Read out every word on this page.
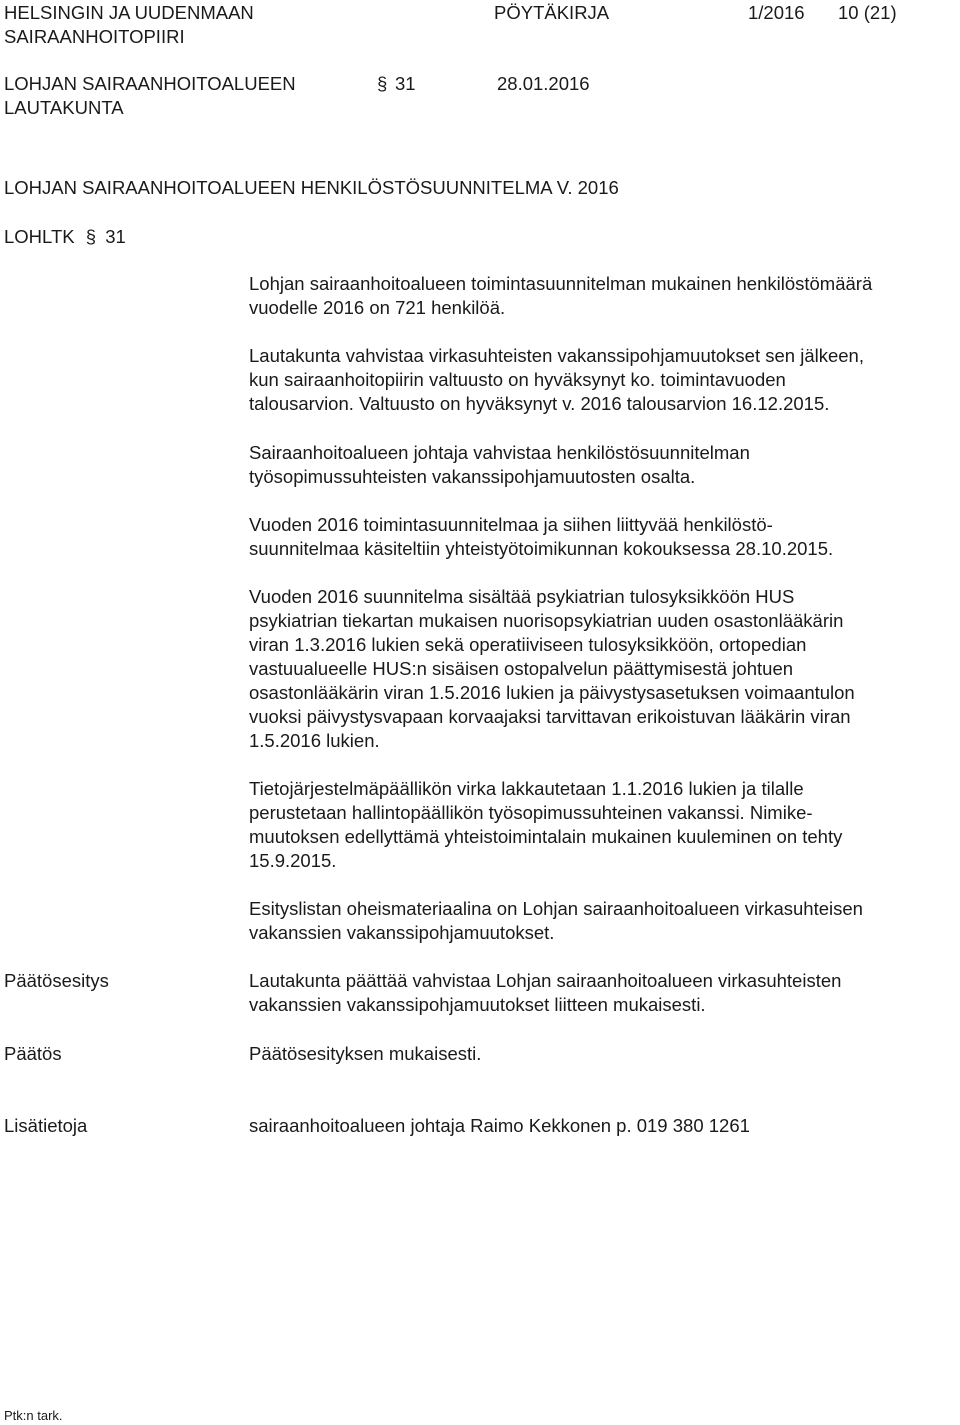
HELSINGIN JA UUDENMAAN
SAIRAANHOITOPIIRI
PÖYTÄKIRJA	1/2016 10 (21)
LOHJAN SAIRAANHOITOALUEEN
LAUTAKUNTA
§ 31	28.01.2016
LOHJAN SAIRAANHOITOALUEEN HENKILÖSTÖSUUNNITELMA V. 2016
LOHLTK § 31

Lohjan sairaanhoitoalueen toimintasuunnitelman mukainen henkilöstömäärä

vuodelle 2016 on 721 henkilöä.

Lautakunta vahvistaa virkasuhteisten vakanssipohjamuutokset sen jälkeen,

kun sairaanhoitopiirin valtuusto on hyväksynyt ko. toimintavuoden

talousarvion. Valtuusto on hyväksynyt v. 2016 talousarvion 16.12.2015.

Sairaanhoitoalueen johtaja vahvistaa henkilöstösuunnitelman

työsopimussuhteisten vakanssipohjamuutosten osalta.

Vuoden 2016 toimintasuunnitelmaa ja siihen liittyvää henkilöstö-

suunnitelmaa käsiteltiin yhteistyötoimikunnan kokouksessa 28.10.2015.

Vuoden 2016 suunnitelma sisältää psykiatrian tulosyksikköön HUS

psykiatrian tiekartan mukaisen nuorisopsykiatrian uuden osastonlääkärin

viran 1.3.2016 lukien sekä operatiiviseen tulosyksikköön, ortopedian

vastuualueelle HUS:n sisäisen ostopalvelun päättymisestä johtuen

osastonlääkärin viran 1.5.2016 lukien ja päivystysasetuksen voimaantulon

vuoksi päivystysvapaan korvaajaksi tarvittavan erikoistuvan lääkärin viran

1.5.2016 lukien.

Tietojärjestelmäpäällikön virka lakkautetaan 1.1.2016 lukien ja tilalle

perustetaan hallintopäällikön työsopimussuhteinen vakanssi. Nimike-

muutoksen edellyttämä yhteistoimintalain mukainen kuuleminen on tehty

15.9.2015.

Esityslistan oheismateriaalina on Lohjan sairaanhoitoalueen virkasuhteisen

vakanssien vakanssipohjamuutokset.

Päätösesitys	Lautakunta päättää vahvistaa Lohjan sairaanhoitoalueen virkasuhteisten

vakanssien vakanssipohjamuutokset liitteen mukaisesti.

Päätös	Päätösesityksen mukaisesti.
Lisätietoja	sairaanhoitoalueen johtaja Raimo Kekkonen p. 019 380 1261
Ptk:n tark.
